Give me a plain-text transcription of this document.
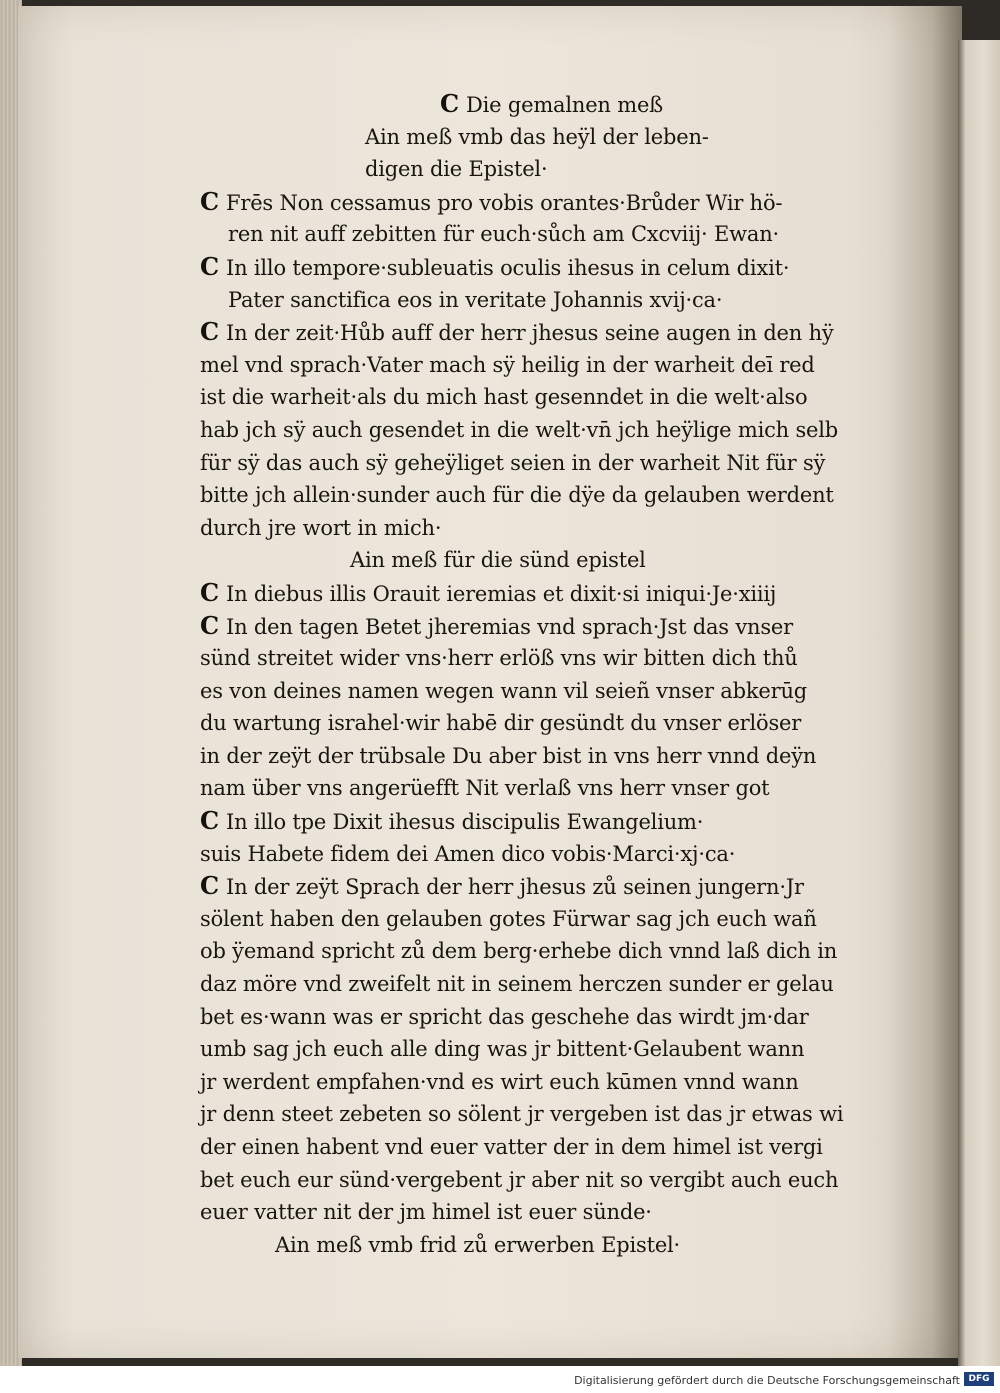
C Die gemalnen meß
Ain meß vmb das heÿl der leben-
digen die Epistel·
C Frēs Non cessamus pro vobis orantes·Brůder Wir hö-
ren nit auff zebitten für euch·sůch am Cxcviij· Ewan·
C In illo tempore·subleuatis oculis ihesus in celum dixit·
Pater sanctifica eos in veritate Johannis xvij·ca·
C In der zeit·Hůb auff der herr jhesus seine augen in den hÿ
mel vnd sprach·Vater mach sÿ heilig in der warheit deī red
ist die warheit·als du mich hast gesenndet in die welt·also
hab jch sÿ auch gesendet in die welt·vn̄ jch heÿlige mich selb
für sÿ das auch sÿ geheÿliget seien in der warheit Nit für sÿ
bitte jch allein·sunder auch für die dÿe da gelauben werdent
durch jre wort in mich·
Ain meß für die sünd epistel
C In diebus illis Orauit ieremias et dixit·si iniqui·Je·xiiij
C In den tagen Betet jheremias vnd sprach·Jst das vnser
sünd streitet wider vns·herr erlöß vns wir bitten dich thů
es von deines namen wegen wann vil seieñ vnser abkerūg
du wartung israhel·wir habē dir gesündt du vnser erlöser
in der zeÿt der trübsale Du aber bist in vns herr vnnd deÿn
nam über vns angerüefft Nit verlaß vns herr vnser got
C In illo tpe Dixit ihesus discipulis Ewangelium·
suis Habete fidem dei Amen dico vobis·Marci·xj·ca·
C In der zeÿt Sprach der herr jhesus zů seinen jungern·Jr
sölent haben den gelauben gotes Fürwar sag jch euch wañ
ob ÿemand spricht zů dem berg·erhebe dich vnnd laß dich in
daz möre vnd zweifelt nit in seinem herczen sunder er gelau
bet es·wann was er spricht das geschehe das wirdt jm·dar
umb sag jch euch alle ding was jr bittent·Gelaubent wann
jr werdent empfahen·vnd es wirt euch kūmen vnnd wann
jr denn steet zebeten so sölent jr vergeben ist das jr etwas wi
der einen habent vnd euer vatter der in dem himel ist vergi
bet euch eur sünd·vergebent jr aber nit so vergibt auch euch
euer vatter nit der jm himel ist euer sünde·
Ain meß vmb frid zů erwerben Epistel·
Digitalisierung gefördert durch die Deutsche Forschungsgemeinschaft DFG
